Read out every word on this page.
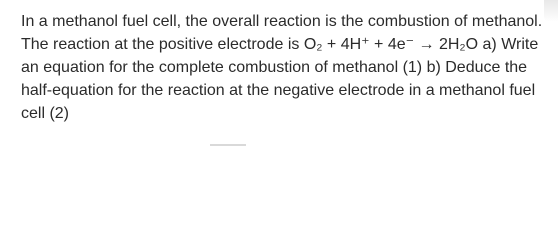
In a methanol fuel cell, the overall reaction is the combustion of methanol. The reaction at the positive electrode is O₂ + 4H⁺ + 4e⁻ → 2H₂O a) Write an equation for the complete combustion of methanol (1) b) Deduce the half-equation for the reaction at the negative electrode in a methanol fuel cell (2)
